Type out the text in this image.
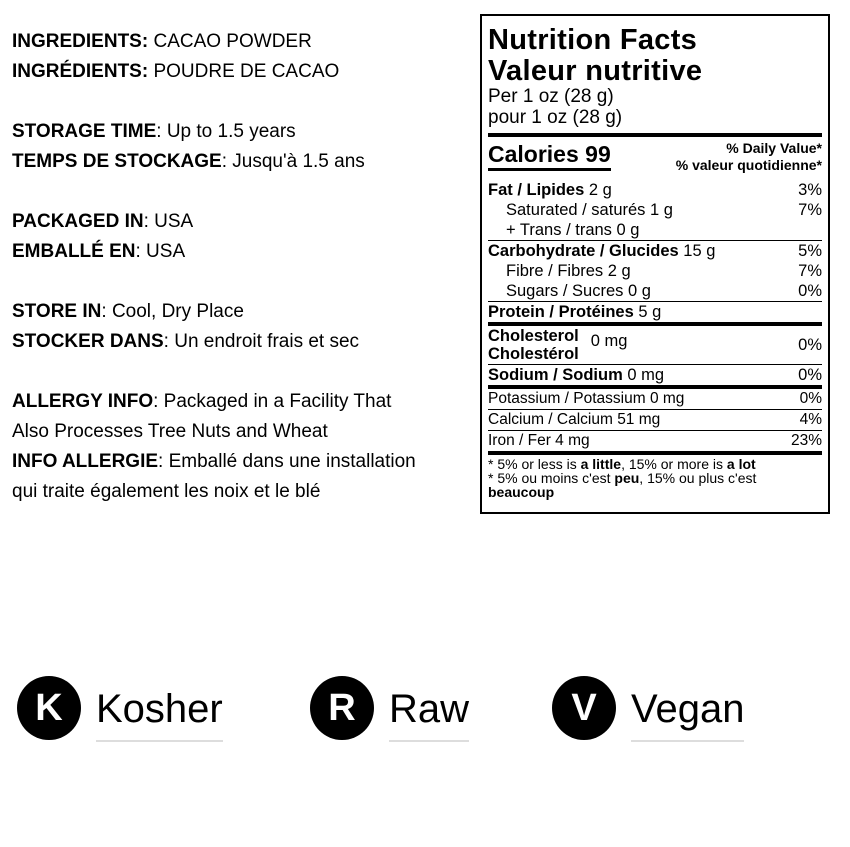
INGREDIENTS: CACAO POWDER
INGRÉDIENTS: POUDRE DE CACAO
STORAGE TIME: Up to 1.5 years
TEMPS DE STOCKAGE: Jusqu'à 1.5 ans
PACKAGED IN: USA
EMBALLÉ EN: USA
STORE IN: Cool, Dry Place
STOCKER DANS: Un endroit frais et sec
ALLERGY INFO: Packaged in a Facility That
Also Processes Tree Nuts and Wheat
INFO ALLERGIE: Emballé dans une installation
qui traite également les noix et le blé
Nutrition Facts
Valeur nutritive
Per 1 oz (28 g)
pour 1 oz (28 g)
Calories 99	% Daily Value*
% valeur quotidienne*
Fat / Lipides 2 g	3%
Saturated / saturés 1 g	7%
+ Trans / trans 0 g
Carbohydrate / Glucides 15 g	5%
Fibre / Fibres 2 g	7%
Sugars / Sucres 0 g	0%
Protein / Protéines 5 g
Cholesterol
Cholestérol
0 mg	0%
Sodium / Sodium 0 mg	0%
Potassium / Potassium 0 mg	0%
Calcium / Calcium 51 mg	4%
Iron / Fer 4 mg	23%
* 5% or less is a little, 15% or more is a lot
* 5% ou moins c'est peu, 15% ou plus c'est beaucoup
K Kosher	R Raw	V Vegan
